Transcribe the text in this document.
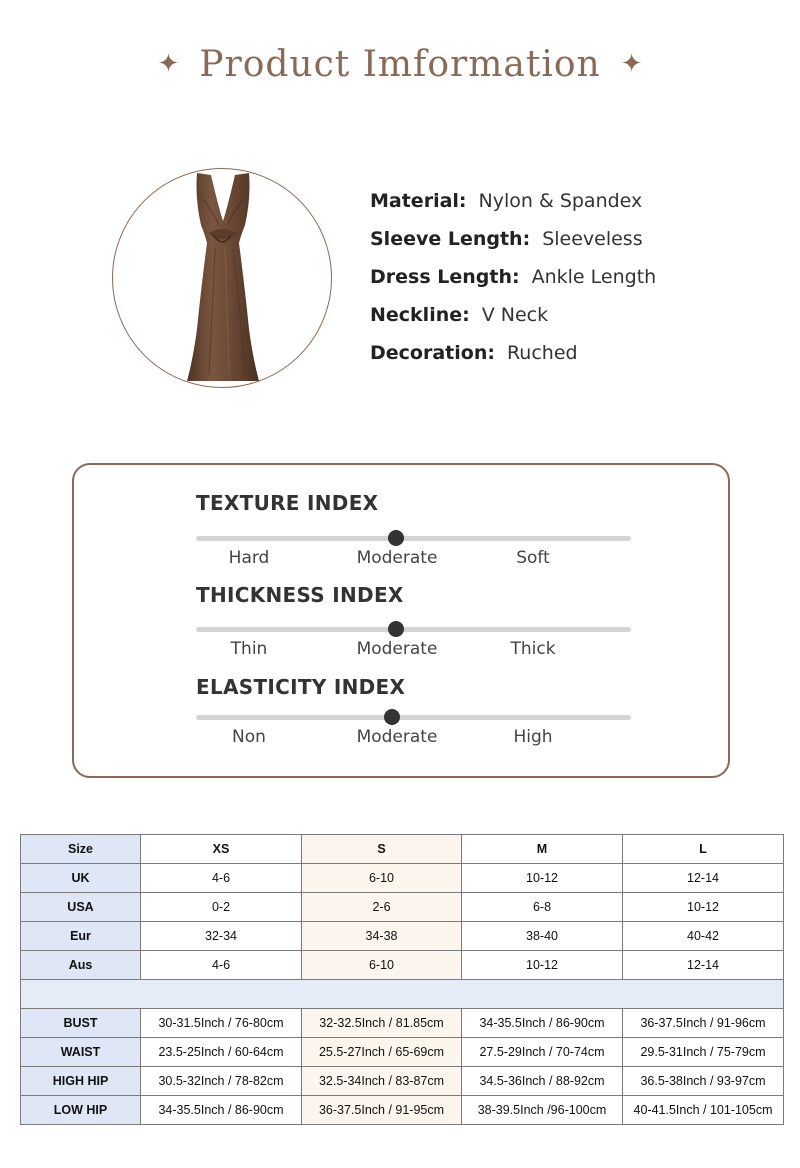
✦ Product Imformation ✦
Material: Nylon & Spandex
Sleeve Length: Sleeveless
Dress Length: Ankle Length
Neckline: V Neck
Decoration: Ruched
TEXTURE INDEX
Hard	Moderate	Soft
THICKNESS INDEX
Thin	Moderate	Thick
ELASTICITY INDEX
Non	Moderate	High
Size	XS	S	M	L
UK	4-6	6-10	10-12	12-14
USA	0-2	2-6	6-8	10-12
Eur	32-34	34-38	38-40	40-42
Aus	4-6	6-10	10-12	12-14

BUST	30-31.5Inch / 76-80cm	32-32.5Inch / 81.85cm	34-35.5Inch / 86-90cm	36-37.5Inch / 91-96cm
WAIST	23.5-25Inch / 60-64cm	25.5-27Inch / 65-69cm	27.5-29Inch / 70-74cm	29.5-31Inch / 75-79cm
HIGH HIP	30.5-32Inch / 78-82cm	32.5-34Inch / 83-87cm	34.5-36Inch / 88-92cm	36.5-38Inch / 93-97cm
LOW HIP	34-35.5Inch / 86-90cm	36-37.5Inch / 91-95cm	38-39.5Inch /96-100cm	40-41.5Inch / 101-105cm
